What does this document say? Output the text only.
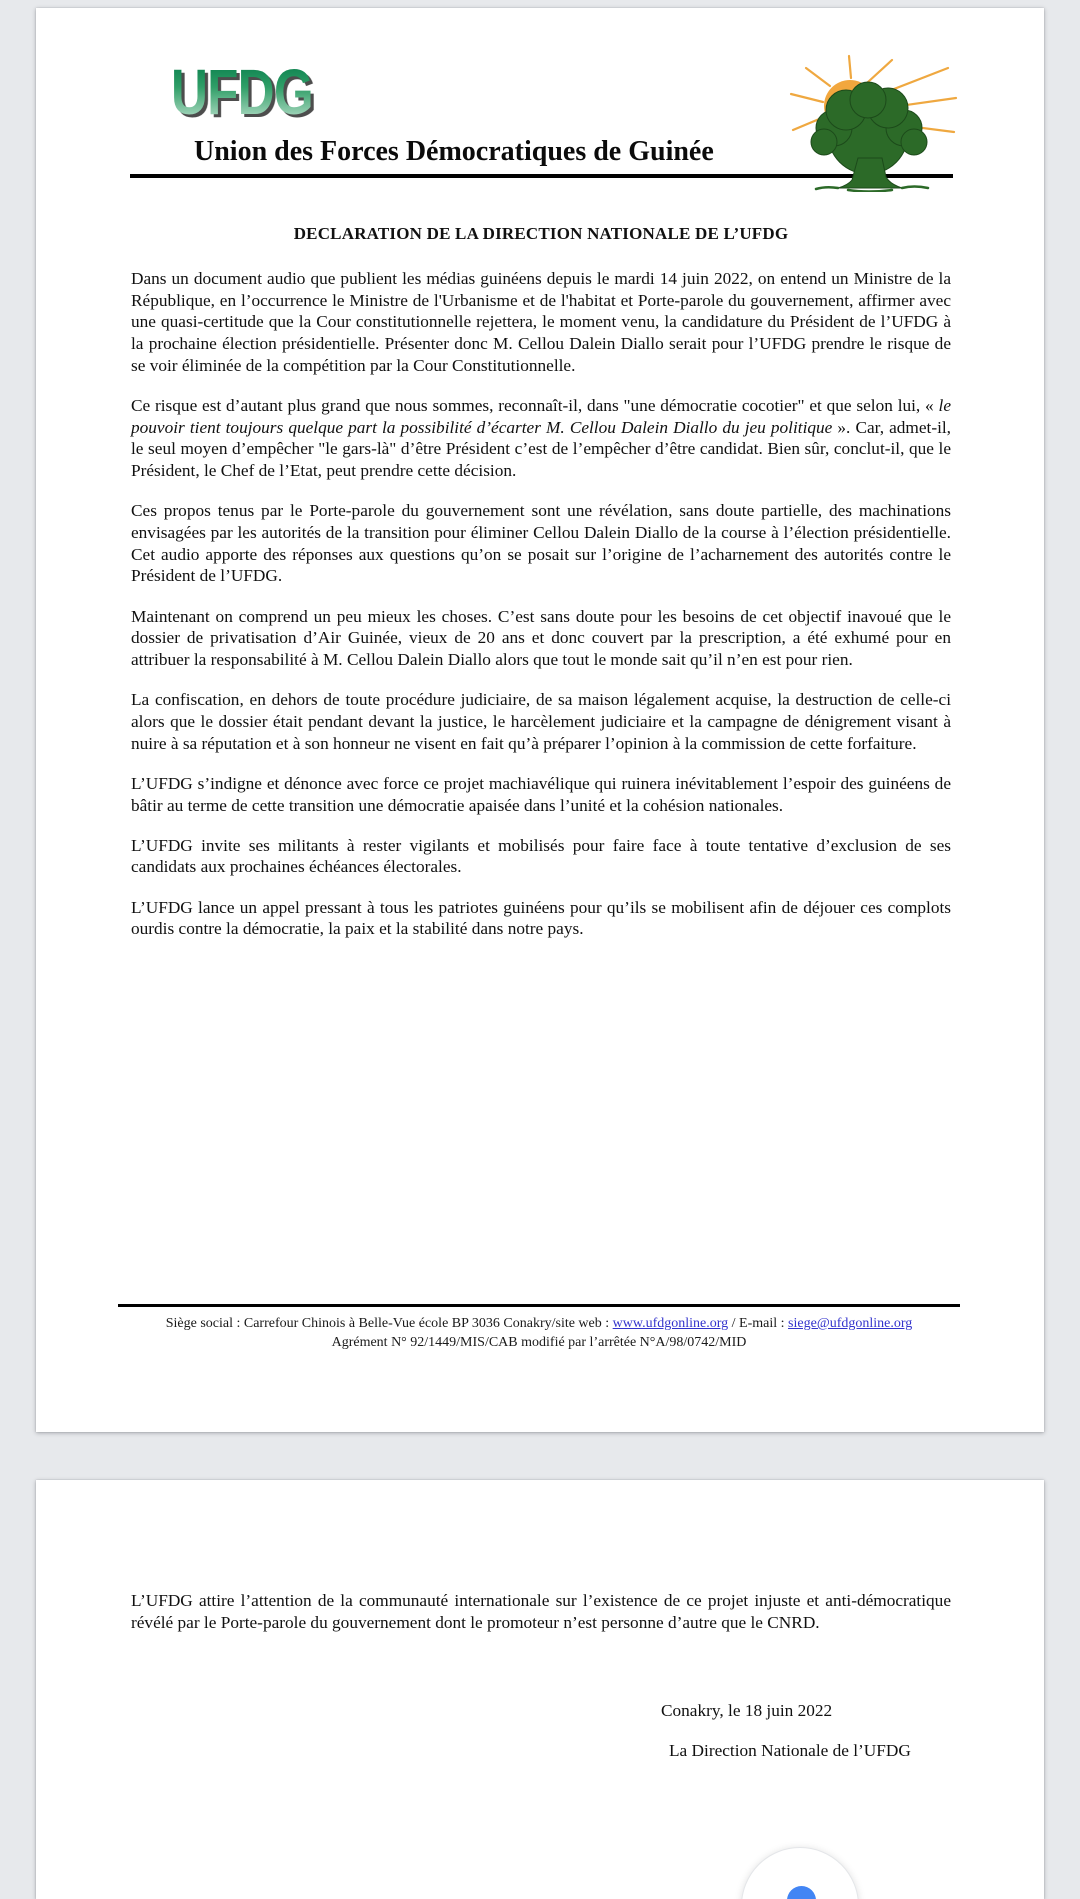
UFDG
Union des Forces Démocratiques de Guinée
DECLARATION DE LA DIRECTION NATIONALE DE L’UFDG

Dans un document audio que publient les médias guinéens depuis le mardi 14 juin 2022, on entend un Ministre de la République, en l’occurrence le Ministre de l'Urbanisme et de l'habitat et Porte-parole du gouvernement, affirmer avec une quasi-certitude que la Cour constitutionnelle rejettera, le moment venu, la candidature du Président de l’UFDG à la prochaine élection présidentielle. Présenter donc M. Cellou Dalein Diallo serait pour l’UFDG prendre le risque de se voir éliminée de la compétition par la Cour Constitutionnelle.

Ce risque est d’autant plus grand que nous sommes, reconnaît-il, dans "une démocratie cocotier" et que selon lui, « le pouvoir tient toujours quelque part la possibilité d’écarter M. Cellou Dalein Diallo du jeu politique ». Car, admet-il, le seul moyen d’empêcher "le gars-là" d’être Président c’est de l’empêcher d’être candidat. Bien sûr, conclut-il, que le Président, le Chef de l’Etat, peut prendre cette décision.

Ces propos tenus par le Porte-parole du gouvernement sont une révélation, sans doute partielle, des machinations envisagées par les autorités de la transition pour éliminer Cellou Dalein Diallo de la course à l’élection présidentielle. Cet audio apporte des réponses aux questions qu’on se posait sur l’origine de l’acharnement des autorités contre le Président de l’UFDG.

Maintenant on comprend un peu mieux les choses. C’est sans doute pour les besoins de cet objectif inavoué que le dossier de privatisation d’Air Guinée, vieux de 20 ans et donc couvert par la prescription, a été exhumé pour en attribuer la responsabilité à M. Cellou Dalein Diallo alors que tout le monde sait qu’il n’en est pour rien.

La confiscation, en dehors de toute procédure judiciaire, de sa maison légalement acquise, la destruction de celle-ci alors que le dossier était pendant devant la justice, le harcèlement judiciaire et la campagne de dénigrement visant à nuire à sa réputation et à son honneur ne visent en fait qu’à préparer l’opinion à la commission de cette forfaiture.

L’UFDG s’indigne et dénonce avec force ce projet machiavélique qui ruinera inévitablement l’espoir des guinéens de bâtir au terme de cette transition une démocratie apaisée dans l’unité et la cohésion nationales.

L’UFDG invite ses militants à rester vigilants et mobilisés pour faire face à toute tentative d’exclusion de ses candidats aux prochaines échéances électorales.

L’UFDG lance un appel pressant à tous les patriotes guinéens pour qu’ils se mobilisent afin de déjouer ces complots ourdis contre la démocratie, la paix et la stabilité dans notre pays.

Siège social : Carrefour Chinois à Belle-Vue école BP 3036 Conakry/site web : www.ufdgonline.org / E-mail : siege@ufdgonline.org
Agrément N° 92/1449/MIS/CAB modifié par l’arrêtée N°A/98/0742/MID

L’UFDG attire l’attention de la communauté internationale sur l’existence de ce projet injuste et anti-démocratique révélé par le Porte-parole du gouvernement dont le promoteur n’est personne d’autre que le CNRD.

Conakry, le 18 juin 2022

La Direction Nationale de l’UFDG
